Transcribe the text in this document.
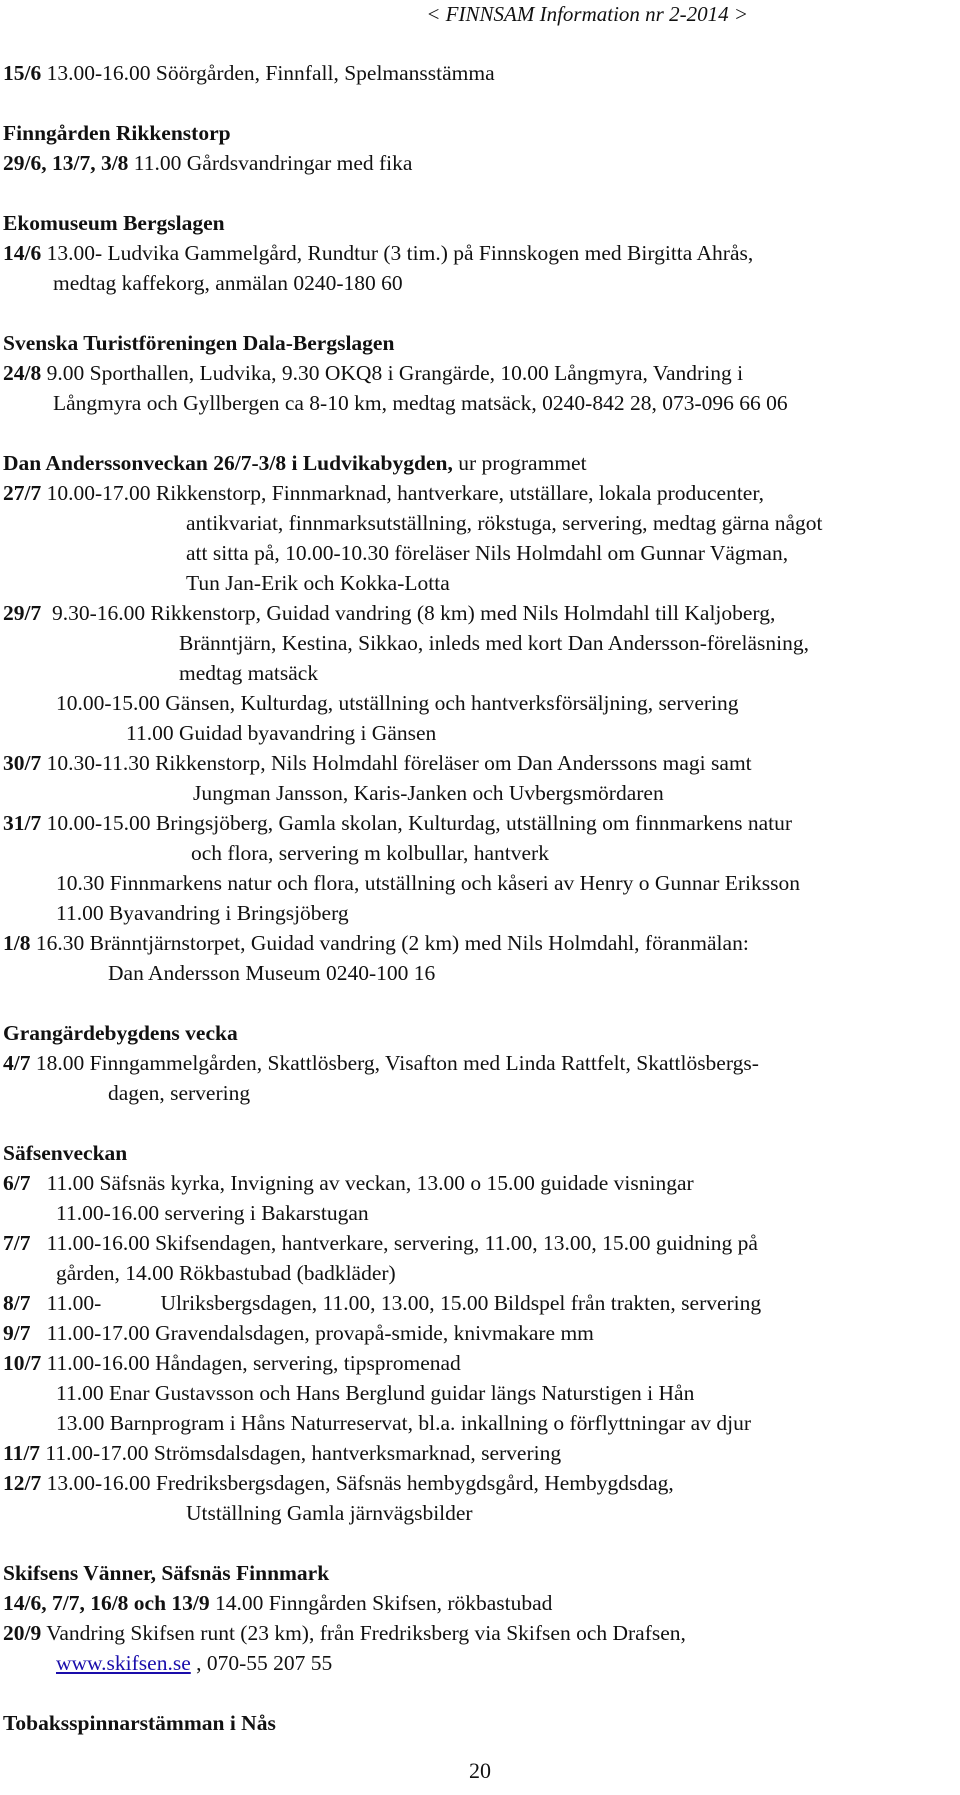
< FINNSAM Information nr 2-2014 >
15/6 13.00-16.00 Söörgården, Finnfall, Spelmansstämma
Finngården Rikkenstorp
29/6, 13/7, 3/8 11.00 Gårdsvandringar med fika
Ekomuseum Bergslagen
14/6 13.00- Ludvika Gammelgård, Rundtur (3 tim.) på Finnskogen med Birgitta Ahrås,
medtag kaffekorg, anmälan 0240-180 60
Svenska Turistföreningen Dala-Bergslagen
24/8 9.00 Sporthallen, Ludvika, 9.30 OKQ8 i Grangärde, 10.00 Långmyra, Vandring i
Långmyra och Gyllbergen ca 8-10 km, medtag matsäck, 0240-842 28, 073-096 66 06
Dan Anderssonveckan 26/7-3/8 i Ludvikabygden, ur programmet
27/7 10.00-17.00 Rikkenstorp, Finnmarknad, hantverkare, utställare, lokala producenter,
antikvariat, finnmarksutställning, rökstuga, servering, medtag gärna något
att sitta på, 10.00-10.30 föreläser Nils Holmdahl om Gunnar Vägman,
Tun Jan-Erik och Kokka-Lotta
29/7  9.30-16.00 Rikkenstorp, Guidad vandring (8 km) med Nils Holmdahl till Kaljoberg,
Bränntjärn, Kestina, Sikkao, inleds med kort Dan Andersson-föreläsning,
medtag matsäck
10.00-15.00 Gänsen, Kulturdag, utställning och hantverksförsäljning, servering
11.00 Guidad byavandring i Gänsen
30/7 10.30-11.30 Rikkenstorp, Nils Holmdahl föreläser om Dan Anderssons magi samt
Jungman Jansson, Karis-Janken och Uvbergsmördaren
31/7 10.00-15.00 Bringsjöberg, Gamla skolan, Kulturdag, utställning om finnmarkens natur
och flora, servering m kolbullar, hantverk
10.30 Finnmarkens natur och flora, utställning och kåseri av Henry o Gunnar Eriksson
11.00 Byavandring i Bringsjöberg
1/8 16.30 Bränntjärnstorpet, Guidad vandring (2 km) med Nils Holmdahl, föranmälan:
Dan Andersson Museum 0240-100 16
Grangärdebygdens vecka
4/7 18.00 Finngammelgården, Skattlösberg, Visafton med Linda Rattfelt, Skattlösbergs-
dagen, servering
Säfsenveckan
6/7   11.00 Säfsnäs kyrka, Invigning av veckan, 13.00 o 15.00 guidade visningar
11.00-16.00 servering i Bakarstugan
7/7   11.00-16.00 Skifsendagen, hantverkare, servering, 11.00, 13.00, 15.00 guidning på
gården, 14.00 Rökbastubad (badkläder)
8/7   11.00-           Ulriksbergsdagen, 11.00, 13.00, 15.00 Bildspel från trakten, servering
9/7   11.00-17.00 Gravendalsdagen, provapå-smide, knivmakare mm
10/7 11.00-16.00 Håndagen, servering, tipspromenad
11.00 Enar Gustavsson och Hans Berglund guidar längs Naturstigen i Hån
13.00 Barnprogram i Håns Naturreservat, bl.a. inkallning o förflyttningar av djur
11/7 11.00-17.00 Strömsdalsdagen, hantverksmarknad, servering
12/7 13.00-16.00 Fredriksbergsdagen, Säfsnäs hembygdsgård, Hembygdsdag,
Utställning Gamla järnvägsbilder
Skifsens Vänner, Säfsnäs Finnmark
14/6, 7/7, 16/8 och 13/9 14.00 Finngården Skifsen, rökbastubad
20/9 Vandring Skifsen runt (23 km), från Fredriksberg via Skifsen och Drafsen,
www.skifsen.se , 070-55 207 55
Tobaksspinnarstämman i Nås
20
